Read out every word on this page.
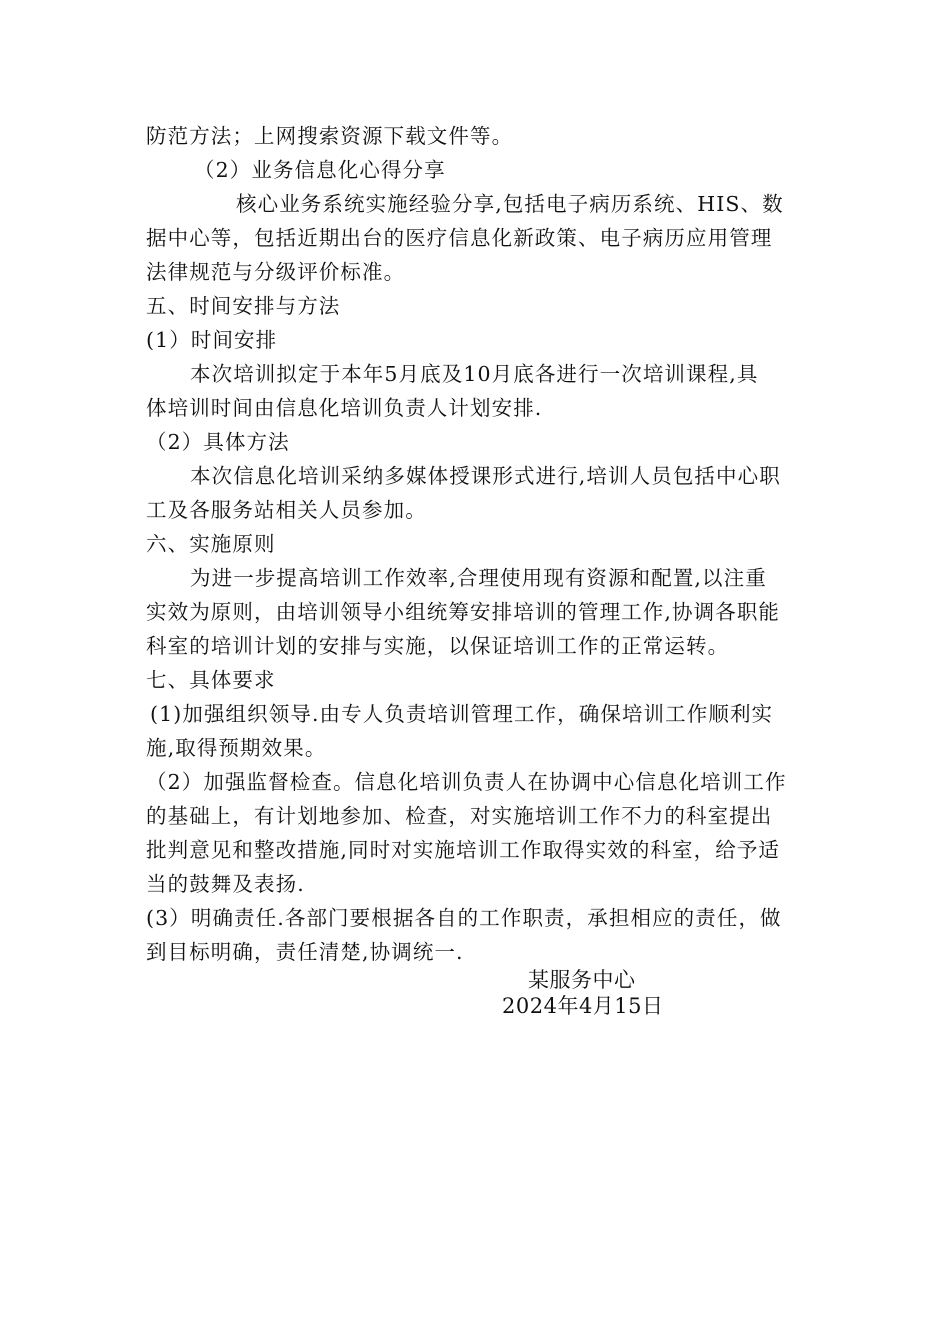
防范方法；上网搜索资源下载文件等。
（2）业务信息化心得分享
核心业务系统实施经验分享,包括电子病历系统、HIS、数
据中心等，包括近期出台的医疗信息化新政策、电子病历应用管理
法律规范与分级评价标准。
五、时间安排与方法
(1）时间安排
本次培训拟定于本年5月底及10月底各进行一次培训课程,具
体培训时间由信息化培训负责人计划安排.
（2）具体方法
本次信息化培训采纳多媒体授课形式进行,培训人员包括中心职
工及各服务站相关人员参加。
六、实施原则
为进一步提高培训工作效率,合理使用现有资源和配置,以注重
实效为原则，由培训领导小组统筹安排培训的管理工作,协调各职能
科室的培训计划的安排与实施，以保证培训工作的正常运转。
七、具体要求
(1)加强组织领导.由专人负责培训管理工作，确保培训工作顺利实
施,取得预期效果。
（2）加强监督检查。信息化培训负责人在协调中心信息化培训工作
的基础上，有计划地参加、检查，对实施培训工作不力的科室提出
批判意见和整改措施,同时对实施培训工作取得实效的科室，给予适
当的鼓舞及表扬.
(3）明确责任.各部门要根据各自的工作职责，承担相应的责任，做
到目标明确，责任清楚,协调统一.
某服务中心
2024年4月15日
